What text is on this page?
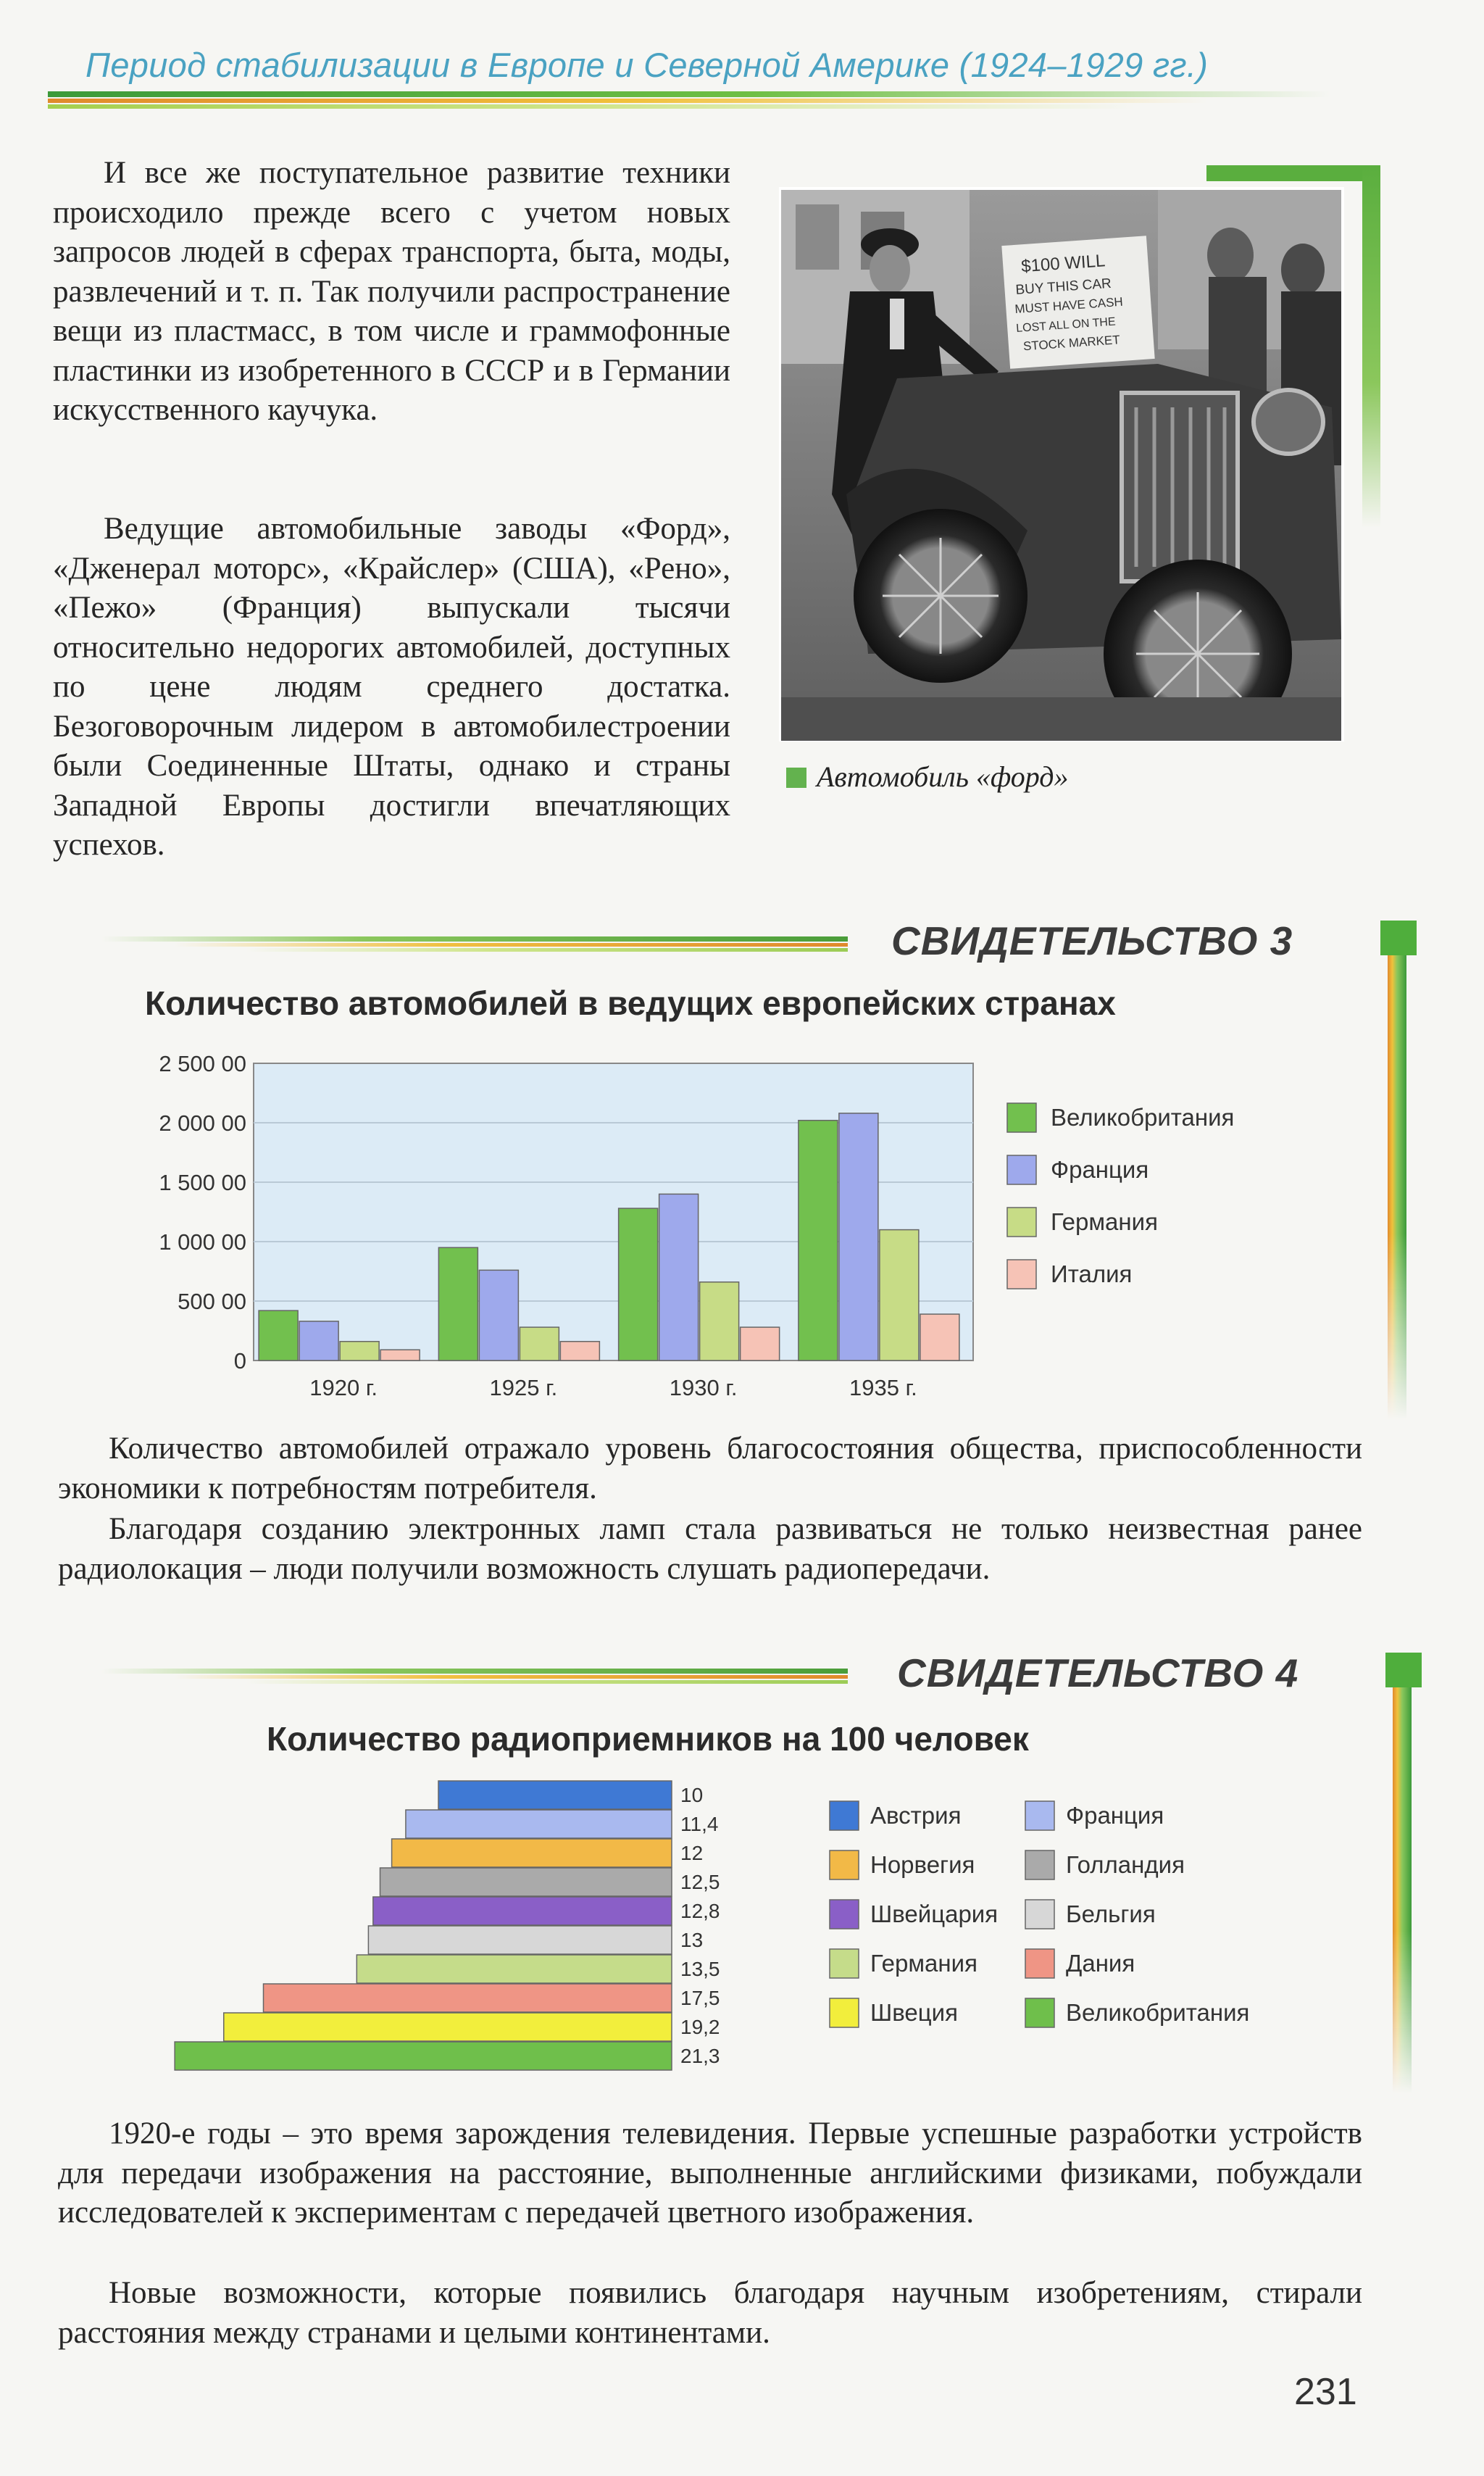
Период стабилизации в Европе и Северной Америке (1924–1929 гг.)

И все же поступательное развитие техники происходило прежде всего с учетом новых запросов людей в сферах транспорта, быта, моды, развлечений и т. п. Так получили распространение вещи из пластмасс, в том числе и граммофонные пластинки из изобретенного в СССР и в Германии искусственного каучука.

Ведущие автомобильные заводы «Форд», «Дженерал моторс», «Крайслер» (США), «Рено», «Пежо» (Франция) выпускали тысячи относительно недорогих автомобилей, доступных по цене людям среднего достатка. Безоговорочным лидером в автомобилестроении были Соединенные Штаты, однако и страны Западной Европы достигли впечатляющих успехов.

$100 WILL
BUY THIS CAR
MUST HAVE CASH
LOST ALL ON THE
STOCK MARKET
Автомобиль «форд»

СВИДЕТЕЛЬСТВО 3
Количество автомобилей в ведущих европейских странах
0
500 00
1 000 00
1 500 00
2 000 00
2 500 00
1920 г.	1925 г.	1930 г.	1935 г.
Великобритания
Франция
Германия
Италия

Количество автомобилей отражало уровень благосостояния общества, приспособленности экономики к потребностям потребителя.

Благодаря созданию электронных ламп стала развиваться не только неизвестная ранее радиолокация – люди получили возможность слушать радиопередачи.

СВИДЕТЕЛЬСТВО 4
Количество радиоприемников на 100 человек
10
11,4
12
12,5
12,8
13
13,5
17,5
19,2
21,3
Австрия	Франция
Норвегия	Голландия
Швейцария	Бельгия
Германия	Дания
Швеция	Великобритания

1920-е годы – это время зарождения телевидения. Первые успешные разработки устройств для передачи изображения на расстояние, выполненные английскими физиками, побуждали исследователей к экспериментам с передачей цветного изображения.

Новые возможности, которые появились благодаря научным изобретениям, стирали расстояния между странами и целыми континентами.

231
